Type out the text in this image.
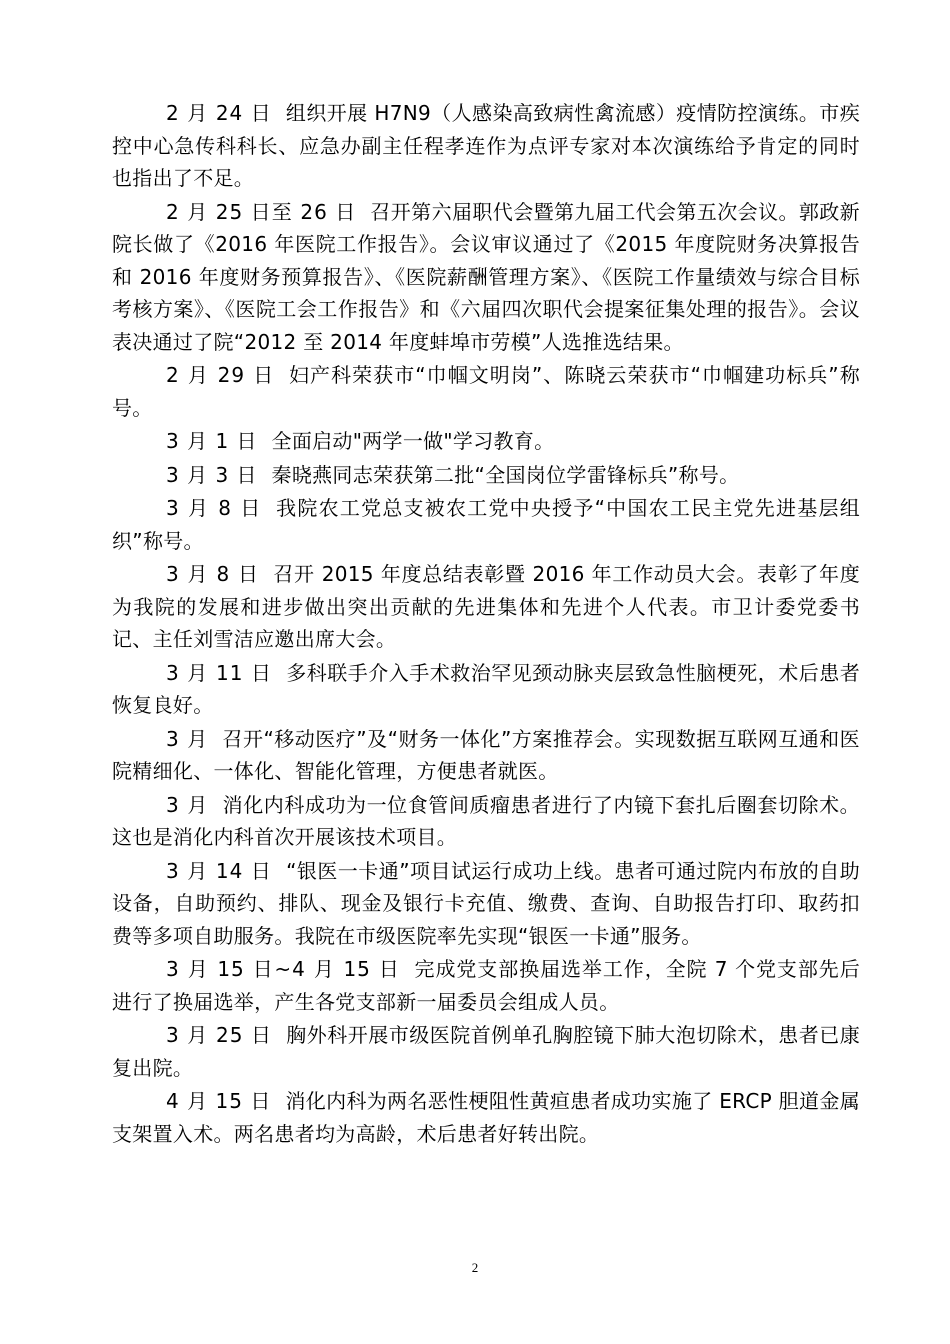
2 月 24 日 组织开展 H7N9（人感染高致病性禽流感）疫情防控演练。市疾控中心急传科科长、应急办副主任程孝连作为点评专家对本次演练给予肯定的同时也指出了不足。

2 月 25 日至 26 日 召开第六届职代会暨第九届工代会第五次会议。郭政新院长做了《2016 年医院工作报告》。会议审议通过了《2015 年度院财务决算报告和 2016 年度财务预算报告》、《医院薪酬管理方案》、《医院工作量绩效与综合目标考核方案》、《医院工会工作报告》和《六届四次职代会提案征集处理的报告》。会议表决通过了院“2012 至 2014 年度蚌埠市劳模”人选推选结果。

2 月 29 日 妇产科荣获市“巾帼文明岗”、陈晓云荣获市“巾帼建功标兵”称号。

3 月 1 日 全面启动"两学一做"学习教育。

3 月 3 日 秦晓燕同志荣获第二批“全国岗位学雷锋标兵”称号。

3 月 8 日 我院农工党总支被农工党中央授予“中国农工民主党先进基层组织”称号。

3 月 8 日 召开 2015 年度总结表彰暨 2016 年工作动员大会。表彰了年度为我院的发展和进步做出突出贡献的先进集体和先进个人代表。市卫计委党委书记、主任刘雪洁应邀出席大会。

3 月 11 日 多科联手介入手术救治罕见颈动脉夹层致急性脑梗死，术后患者恢复良好。

3 月 召开“移动医疗”及“财务一体化”方案推荐会。实现数据互联网互通和医院精细化、一体化、智能化管理，方便患者就医。

3 月 消化内科成功为一位食管间质瘤患者进行了内镜下套扎后圈套切除术。这也是消化内科首次开展该技术项目。

3 月 14 日 “银医一卡通”项目试运行成功上线。患者可通过院内布放的自助设备，自助预约、排队、现金及银行卡充值、缴费、查询、自助报告打印、取药扣费等多项自助服务。我院在市级医院率先实现“银医一卡通”服务。

3 月 15 日~4 月 15 日 完成党支部换届选举工作，全院 7 个党支部先后进行了换届选举，产生各党支部新一届委员会组成人员。

3 月 25 日 胸外科开展市级医院首例单孔胸腔镜下肺大泡切除术，患者已康复出院。

4 月 15 日 消化内科为两名恶性梗阻性黄疸患者成功实施了 ERCP 胆道金属支架置入术。两名患者均为高龄，术后患者好转出院。

2
